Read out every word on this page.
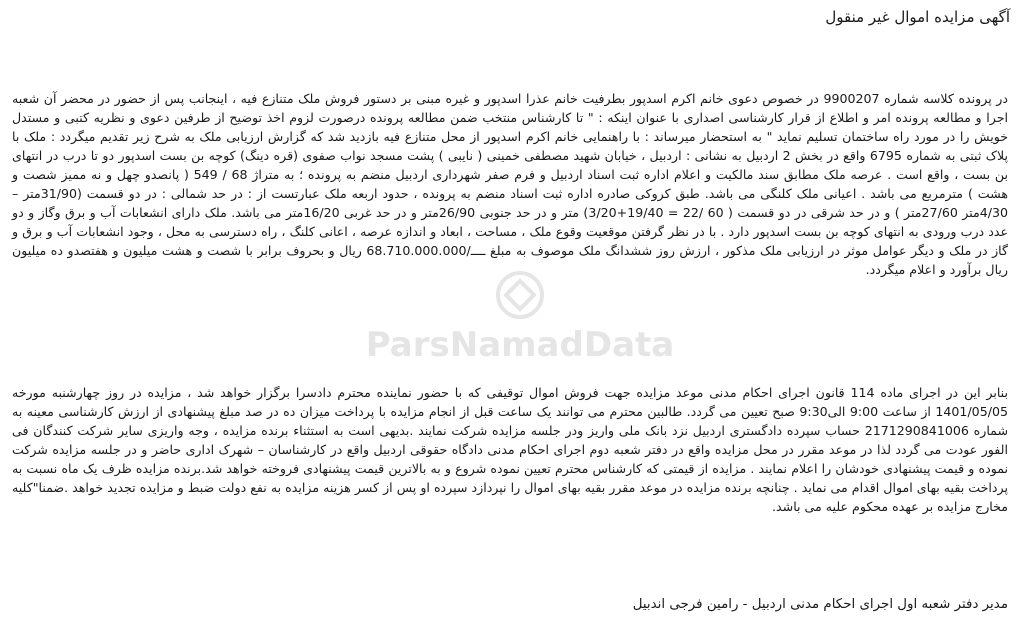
آگهی مزایده اموال غیر منقول

در پرونده کلاسه شماره 9900207 در خصوص دعوی خانم اکرم اسدپور بطرفیت خانم عذرا اسدپور و غیره مبنی بر دستور فروش ملک متنازع فیه ، اینجانب پس از حضور در محضر آن شعبه اجرا و مطالعه پرونده امر و اطلاع از قرار کارشناسی اصداری با عنوان اینکه : " تا کارشناس منتخب ضمن مطالعه پرونده درصورت لزوم اخذ توضیح از طرفین دعوی و نظریه کتبی و مستدل خویش را در مورد راه ساختمان تسلیم نماید " به استحضار میرساند : با راهنمایی خانم اکرم اسدپور از محل متنازع فیه بازدید شد که گزارش ارزیابی ملک به شرح زیر تقدیم میگردد : ملک با پلاک ثبتی به شماره 6795 واقع در بخش 2 اردبیل به نشانی : اردبیل ، خیابان شهید مصطفی خمینی ( نایبی ) پشت مسجد نواب صفوی (قره دینگ) کوچه بن بست اسدپور دو تا درب در انتهای بن بست ، واقع است . عرصه ملک مطابق سند مالکیت و اعلام اداره ثبت اسناد اردبیل و فرم صفر شهرداری اردبیل منضم به پرونده ؛ به متراژ 68 / 549 ( پانصدو چهل و نه ممیز شصت و هشت ) مترمربع می باشد . اعیانی ملک کلنگی می باشد. طبق کروکی صادره اداره ثبت اسناد منضم به پرونده ، حدود اربعه ملک عبارتست از : در حد شمالی : در دو قسمت (31/90متر – 4/30متر 27/60متر ) و در حد شرقی در دو قسمت ( 60 /22 = 19/40+3/20) متر و در حد جنوبی 26/90متر و در حد غربی 16/20متر می باشد. ملک دارای انشعابات آب و برق وگاز و دو عدد درب ورودی به انتهای کوچه بن بست اسدپور دارد . با در نظر گرفتن موقعیت وقوع ملک ، مساحت ، ابعاد و اندازه عرصه ، اعانی کلنگ ، راه دسترسی به محل ، وجود انشعابات آب و برق و گاز در ملک و دیگر عوامل موثر در ارزیابی ملک مذکور ، ارزش روز ششدانگ ملک موصوف به مبلغ ــــ/68.710.000.000 ریال و بحروف برابر با شصت و هشت میلیون و هفتصدو ده میلیون ریال برآورد و اعلام میگردد.

بنابر این در اجرای ماده 114 قانون اجرای احکام مدنی موعد مزایده جهت فروش اموال توقیفی که با حضور نماینده محترم دادسرا برگزار خواهد شد ، مزایده در روز چهارشنبه مورخه 1401/05/05 از ساعت 9:00 الی9:30 صبح تعیین می گردد. طالبین محترم می توانند یک ساعت قبل از انجام مزایده با پرداخت میزان ده در صد مبلغ پیشنهادی از ارزش کارشناسی معینه به شماره 2171290841006 حساب سپرده دادگستری اردبیل نزد بانک ملی واریز ودر جلسه مزایده شرکت نمایند .بدیهی است به استثناء برنده مزایده ، وجه واریزی سایر شرکت کنندگان فی الفور عودت می گردد لذا در موعد مقرر در محل مزایده واقع در دفتر شعبه دوم اجرای احکام مدنی دادگاه حقوقی اردبیل واقع در کارشناسان – شهرک اداری حاضر و در جلسه مزایده شرکت نموده و قیمت پیشنهادی خودشان را اعلام نمایند . مزایده از قیمتی که کارشناس محترم تعیین نموده شروع و به بالاترین قیمت پیشنهادی فروخته خواهد شد.برنده مزایده ظرف یک ماه نسبت به پرداخت بقیه بهای اموال اقدام می نماید . چنانچه برنده مزایده در موعد مقرر بقیه بهای اموال را نپردازد سپرده او پس از کسر هزینه مزایده به نفع دولت ضبط و مزایده تجدید خواهد .ضمنا"کلیه مخارج مزایده بر عهده محکوم علیه می باشد.

مدیر دفتر شعبه اول اجرای احکام مدنی اردبیل - رامین فرجی اندبیل
ParsNamadData
